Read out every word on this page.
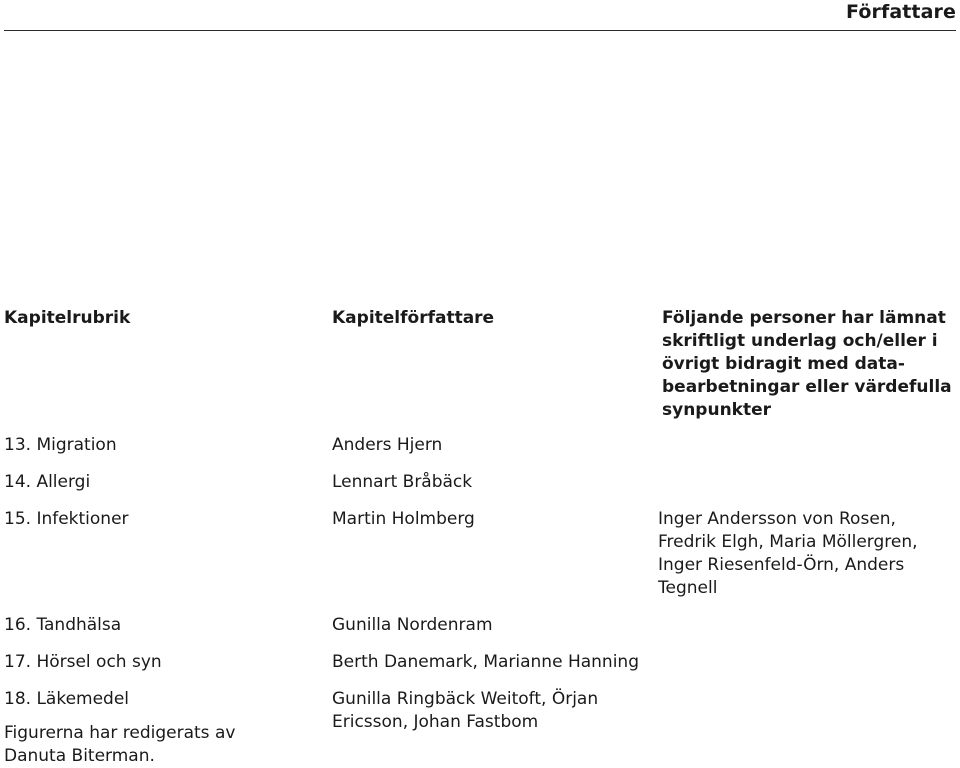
Författare
Kapitelrubrik	Kapitelförfattare	Följande personer har lämnat skriftligt underlag och/eller i övrigt bidragit med data-bearbetningar eller värdefulla synpunkter
13. Migration	Anders Hjern
14. Allergi	Lennart Bråbäck
15. Infektioner	Martin Holmberg	Inger Andersson von Rosen, Fredrik Elgh, Maria Möllergren, Inger Riesenfeld-Örn, Anders Tegnell
16. Tandhälsa	Gunilla Nordenram
17. Hörsel och syn	Berth Danemark, Marianne Hanning
18. Läkemedel	Gunilla Ringbäck Weitoft, Örjan Ericsson, Johan Fastbom
Figurerna har redigerats av Danuta Biterman.
